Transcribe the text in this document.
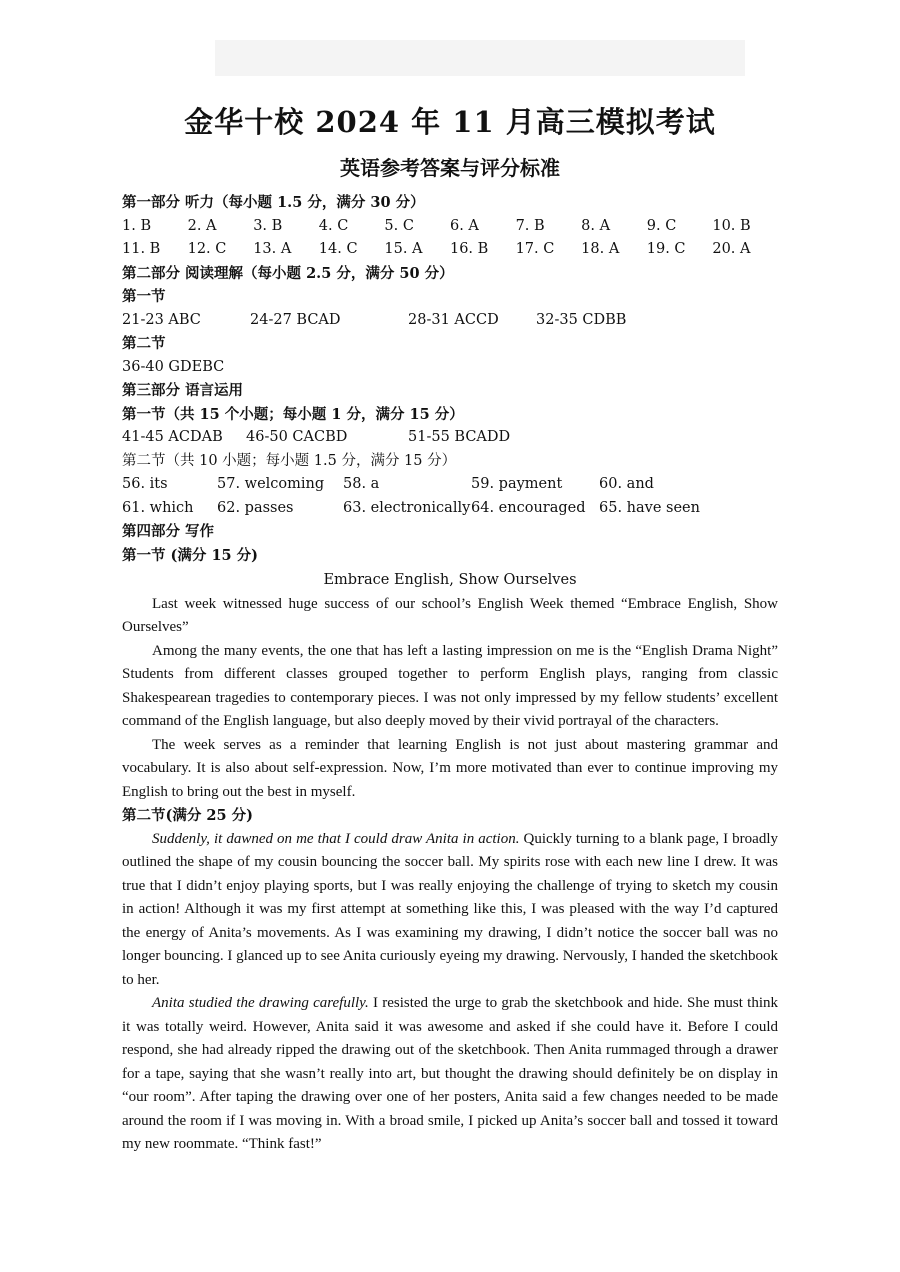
金华十校 2024 年 11 月高三模拟考试
英语参考答案与评分标准
第一部分 听力（每小题 1.5 分，满分 30 分）
1. B	2. A	3. B	4. C	5. C	6. A	7. B	8. A	9. C	10. B
11. B	12. C	13. A	14. C	15. A	16. B	17. C	18. A	19. C	20. A
第二部分 阅读理解（每小题 2.5 分，满分 50 分）
第一节
21-23 ABC	24-27 BCAD	28-31 ACCD	32-35 CDBB
第二节
36-40 GDEBC
第三部分 语言运用
第一节（共 15 个小题；每小题 1 分，满分 15 分）
41-45 ACDAB	46-50 CACBD	51-55 BCADD
第二节（共 10 小题；每小题 1.5 分，满分 15 分）
56. its	57. welcoming	58. a	59. payment	60. and
61. which	62. passes	63. electronically 64. encouraged 65. have seen
第四部分 写作
第一节 (满分 15 分)
Embrace English, Show Ourselves

Last week witnessed huge success of our school’s English Week themed “Embrace English, Show Ourselves”

Among the many events, the one that has left a lasting impression on me is the “English Drama Night” Students from different classes grouped together to perform English plays, ranging from classic Shakespearean tragedies to contemporary pieces. I was not only impressed by my fellow students’ excellent command of the English language, but also deeply moved by their vivid portrayal of the characters.

The week serves as a reminder that learning English is not just about mastering grammar and vocabulary. It is also about self-expression. Now, I’m more motivated than ever to continue improving my English to bring out the best in myself.

第二节(满分 25 分)

Suddenly, it dawned on me that I could draw Anita in action. Quickly turning to a blank page, I broadly outlined the shape of my cousin bouncing the soccer ball. My spirits rose with each new line I drew. It was true that I didn’t enjoy playing sports, but I was really enjoying the challenge of trying to sketch my cousin in action! Although it was my first attempt at something like this, I was pleased with the way I’d captured the energy of Anita’s movements. As I was examining my drawing, I didn’t notice the soccer ball was no longer bouncing. I glanced up to see Anita curiously eyeing my drawing. Nervously, I handed the sketchbook to her.

Anita studied the drawing carefully. I resisted the urge to grab the sketchbook and hide. She must think it was totally weird. However, Anita said it was awesome and asked if she could have it. Before I could respond, she had already ripped the drawing out of the sketchbook. Then Anita rummaged through a drawer for a tape, saying that she wasn’t really into art, but thought the drawing should definitely be on display in “our room”. After taping the drawing over one of her posters, Anita said a few changes needed to be made around the room if I was moving in. With a broad smile, I picked up Anita’s soccer ball and tossed it toward my new roommate. “Think fast!”
